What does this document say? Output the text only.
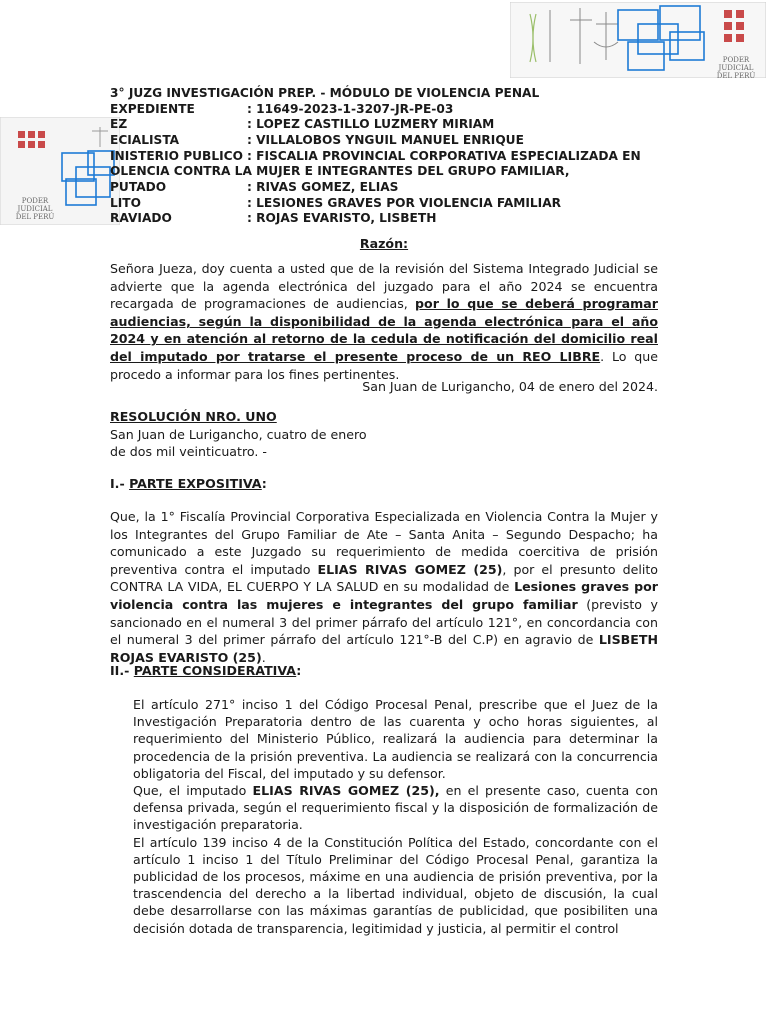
PODER JUDICIAL
DEL PERÚ
PODER JUDICIAL
DEL PERÚ
3° JUZG INVESTIGACIÓN PREP. - MÓDULO DE VIOLENCIA PENAL
EXPEDIENTE	: 11649-2023-1-3207-JR-PE-03
EZ	: LOPEZ CASTILLO LUZMERY MIRIAM
ECIALISTA	: VILLALOBOS YNGUIL MANUEL ENRIQUE
INISTERIO PUBLICO : FISCALIA PROVINCIAL CORPORATIVA ESPECIALIZADA EN
OLENCIA CONTRA LA MUJER E INTEGRANTES DEL GRUPO FAMILIAR,
PUTADO	: RIVAS GOMEZ, ELIAS
LITO	: LESIONES GRAVES POR VIOLENCIA FAMILIAR
RAVIADO	: ROJAS EVARISTO, LISBETH
Razón:
Señora Jueza, doy cuenta a usted que de la revisión del Sistema Integrado Judicial se advierte que la agenda electrónica del juzgado para el año 2024 se encuentra recargada de programaciones de audiencias, por lo que se deberá programar audiencias, según la disponibilidad de la agenda electrónica para el año 2024 y en atención al retorno de la cedula de notificación del domicilio real del imputado por tratarse el presente proceso de un REO LIBRE. Lo que procedo a informar para los fines pertinentes.
San Juan de Lurigancho, 04 de enero del 2024.
RESOLUCIÓN NRO. UNO
San Juan de Lurigancho, cuatro de enero
de dos mil veinticuatro. -
I.- PARTE EXPOSITIVA:
Que, la 1° Fiscalía Provincial Corporativa Especializada en Violencia Contra la Mujer y los Integrantes del Grupo Familiar de Ate – Santa Anita – Segundo Despacho; ha comunicado a este Juzgado su requerimiento de medida coercitiva de prisión preventiva contra el imputado ELIAS RIVAS GOMEZ (25), por el presunto delito CONTRA LA VIDA, EL CUERPO Y LA SALUD en su modalidad de Lesiones graves por violencia contra las mujeres e integrantes del grupo familiar (previsto y sancionado en el numeral 3 del primer párrafo del artículo 121°, en concordancia con el numeral 3 del primer párrafo del artículo 121°-B del C.P) en agravio de LISBETH ROJAS EVARISTO (25).
II.- PARTE CONSIDERATIVA:
El artículo 271° inciso 1 del Código Procesal Penal, prescribe que el Juez de la Investigación Preparatoria dentro de las cuarenta y ocho horas siguientes, al requerimiento del Ministerio Público, realizará la audiencia para determinar la procedencia de la prisión preventiva. La audiencia se realizará con la concurrencia obligatoria del Fiscal, del imputado y su defensor.
Que, el imputado ELIAS RIVAS GOMEZ (25), en el presente caso, cuenta con defensa privada, según el requerimiento fiscal y la disposición de formalización de investigación preparatoria.
El artículo 139 inciso 4 de la Constitución Política del Estado, concordante con el artículo 1 inciso 1 del Título Preliminar del Código Procesal Penal, garantiza la publicidad de los procesos, máxime en una audiencia de prisión preventiva, por la trascendencia del derecho a la libertad individual, objeto de discusión, la cual debe desarrollarse con las máximas garantías de publicidad, que posibiliten una decisión dotada de transparencia, legitimidad y justicia, al permitir el control
